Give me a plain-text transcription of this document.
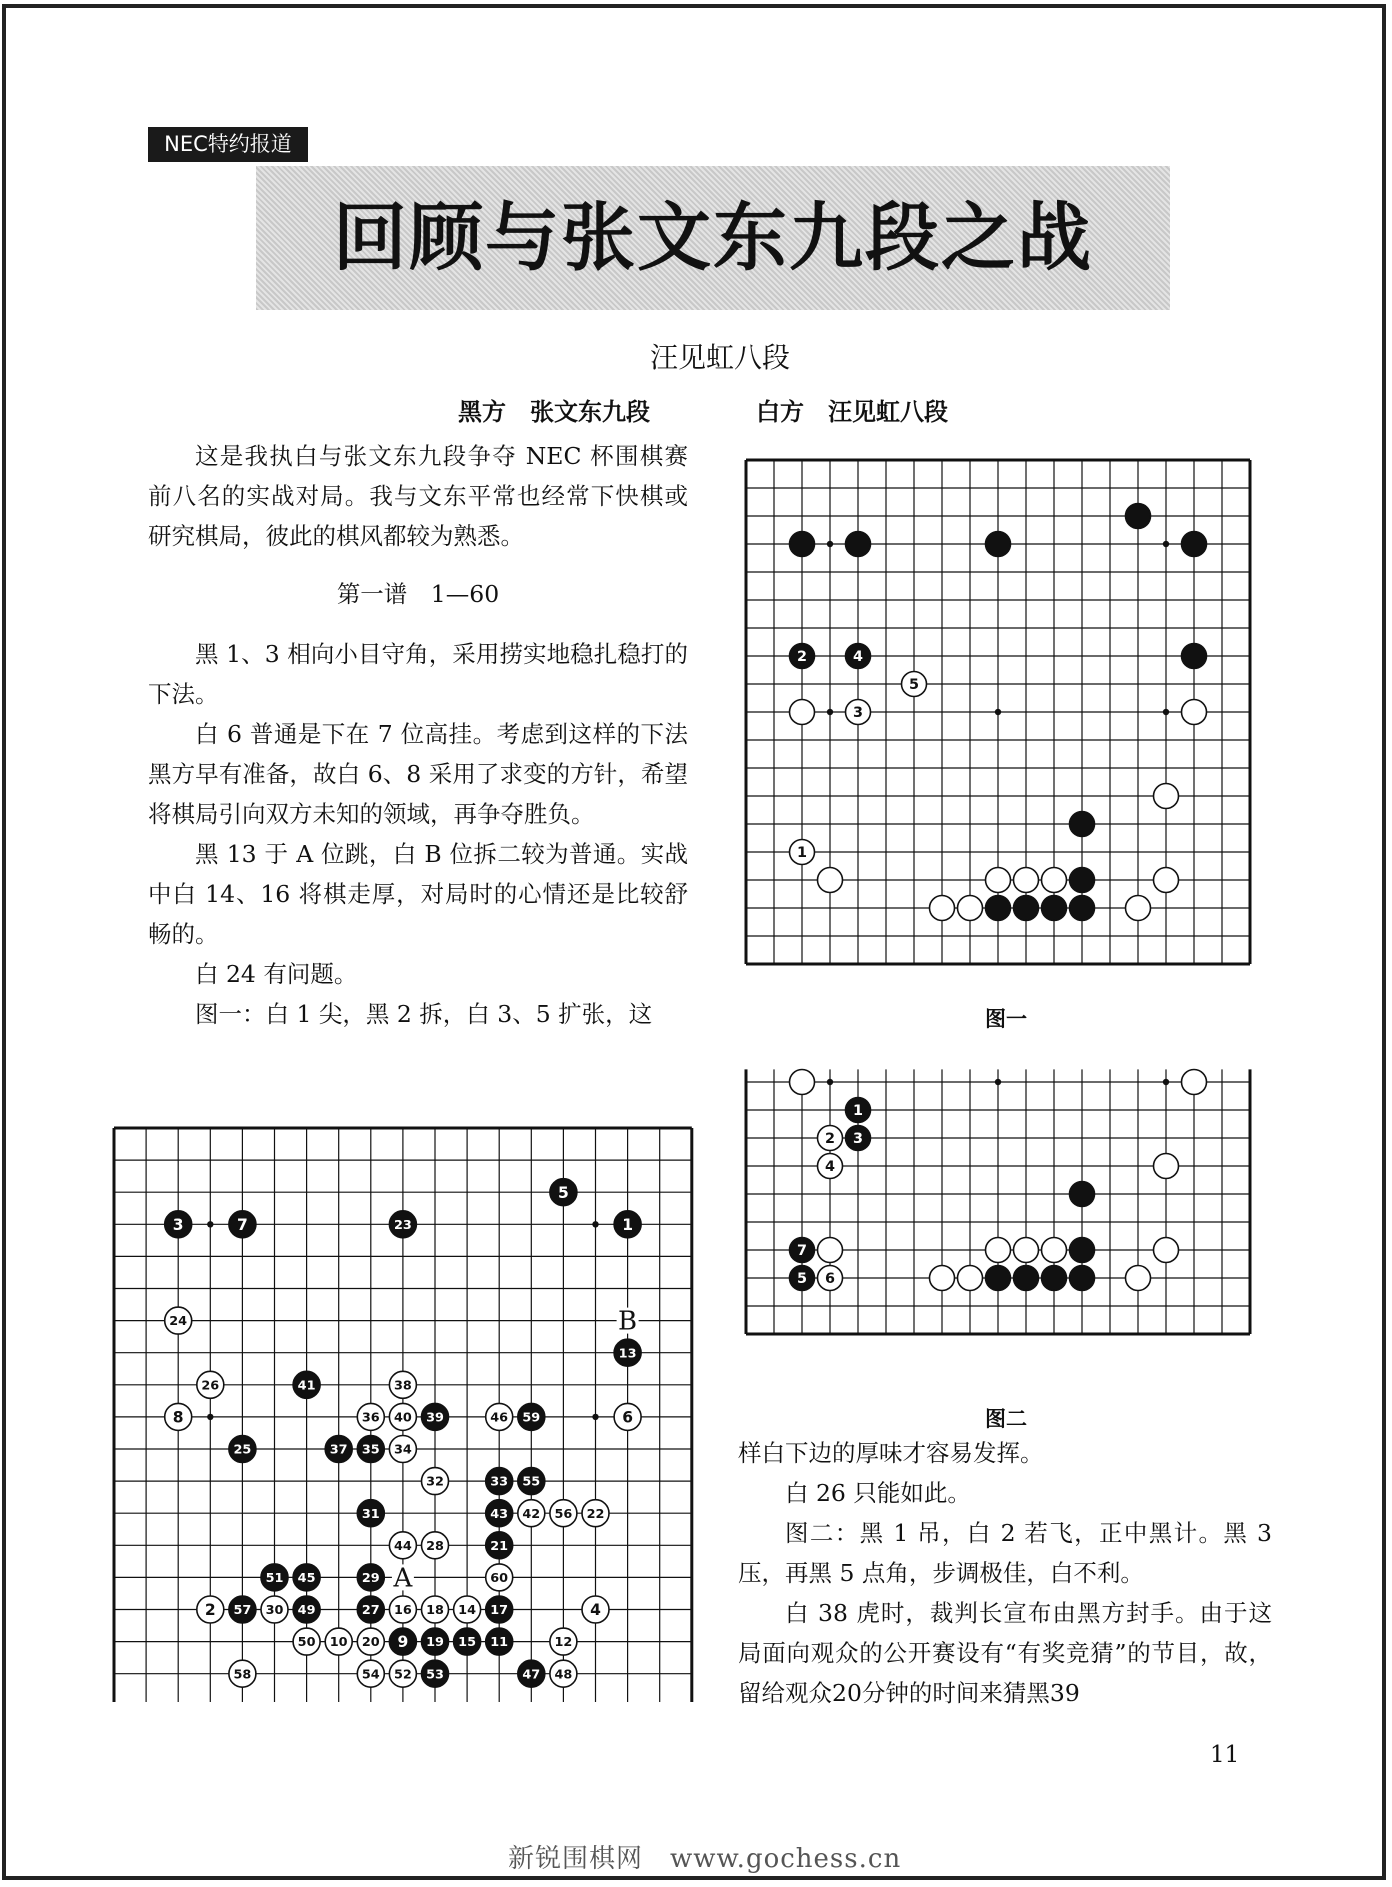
NEC特约报道
回顾与张文东九段之战
汪见虹八段
黑方　张文东九段	白方　汪见虹八段

这是我执白与张文东九段争夺 NEC 杯围棋赛前八名的实战对局。我与文东平常也经常下快棋或研究棋局，彼此的棋风都较为熟悉。

第一谱　1—60

黑 1、3 相向小目守角，采用捞实地稳扎稳打的下法。

白 6 普通是下在 7 位高挂。考虑到这样的下法黑方早有准备，故白 6、8 采用了求变的方针，希望将棋局引向双方未知的领域，再争夺胜负。

黑 13 于 A 位跳，白 B 位拆二较为普通。实战中白 14、16 将棋走厚，对局时的心情还是比较舒畅的。

白 24 有问题。

图一：白 1 尖，黑 2 拆，白 3、5 扩张，这

2	4
5
3
1
图一
1
2 3
4
7
5 6
图二
B
A
3	7	23
5
1
24
13
26	41	38
8	36 40 39	46 59	6
25	37 35 34
32	33 55
31	43 42 56 22
44 28	21
51 45	29	60
2 57 30 49	27 16 18 14 17	4
50 10 20 9 19 15 11	12
58	54 52 53	47 48

样白下边的厚味才容易发挥。

白 26 只能如此。

图二：黑 1 吊，白 2 若飞，正中黑计。黑 3 压，再黑 5 点角，步调极佳，白不利。

白 38 虎时，裁判长宣布由黑方封手。由于这局面向观众的公开赛设有“有奖竞猜”的节目，故，留给观众20分钟的时间来猜黑39

11
新锐围棋网　www.gochess.cn
